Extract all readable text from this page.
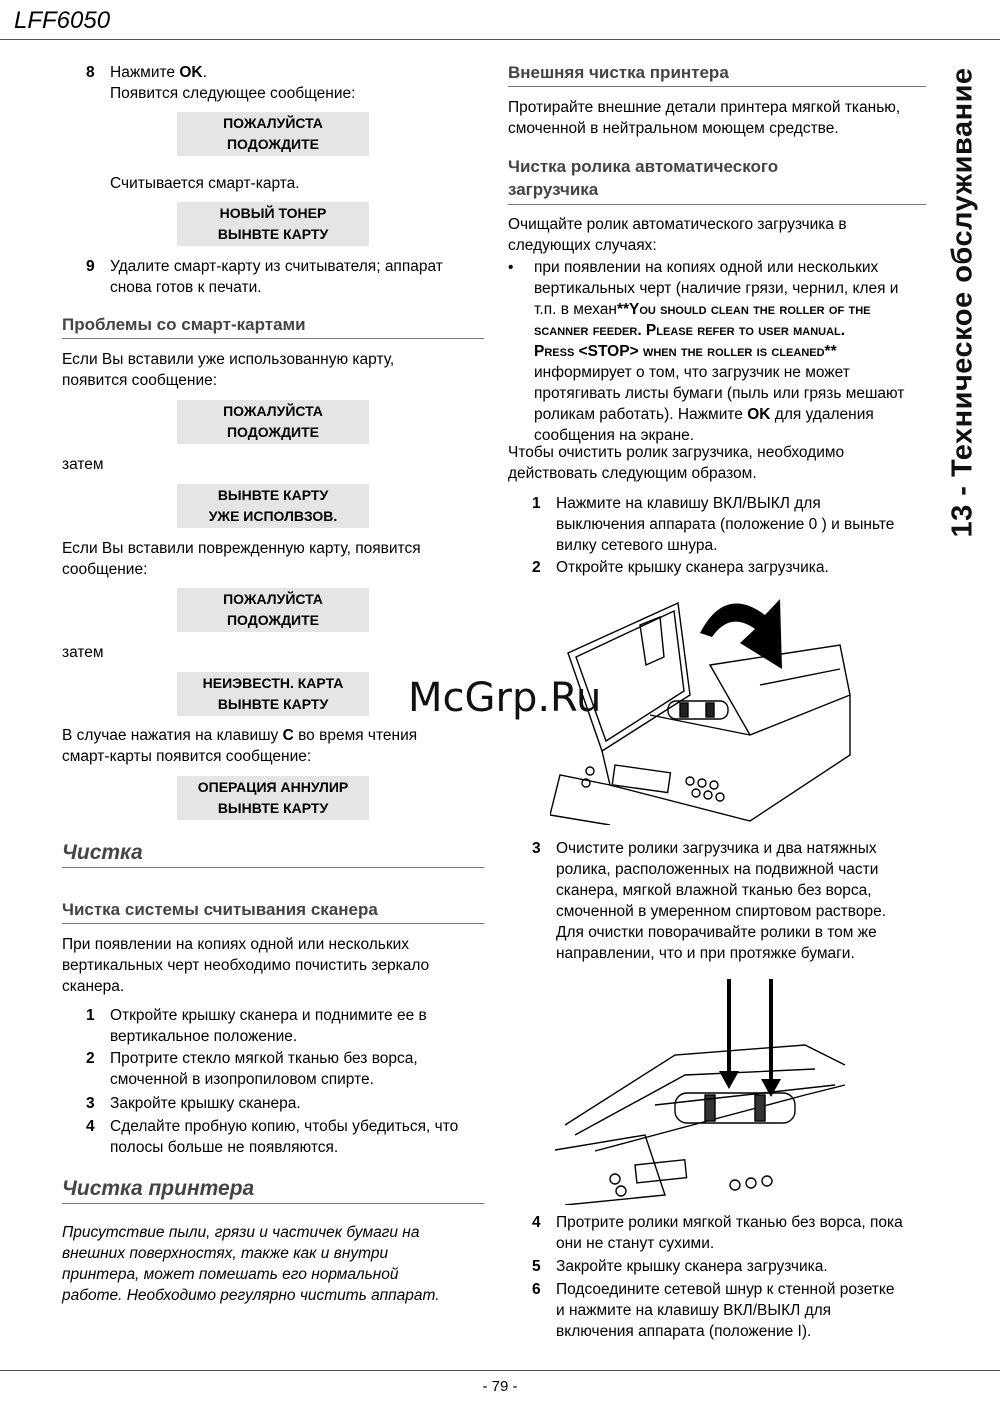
LFF6050
13 - Техническое обслуживание
8 Нажмите OK.
Появится следующее сообщение:
ПОЖАЛУЙСТА
ПОДОЖДИТЕ
Считывается смарт-карта.
НОВЫЙ ТОНЕР
ВЫНВТЕ КАРТУ
9 Удалите смарт-карту из считывателя; аппарат
снова готов к печати.
Проблемы со смарт-картами
Если Вы вставили уже использованную карту,
появится сообщение:
ПОЖАЛУЙСТА
ПОДОЖДИТЕ
затем
ВЫНВТЕ КАРТУ
УЖЕ ИСПОЛВЗОВ.
Если Вы вставили поврежденную карту, появится
сообщение:
ПОЖАЛУЙСТА
ПОДОЖДИТЕ
затем
НЕИЭВЕСТН. КАРТА
ВЫНВТЕ КАРТУ
В случае нажатия на клавишу C во время чтения
смарт-карты появится сообщение:
ОПЕРАЦИЯ АННУЛИР
ВЫНВТЕ КАРТУ
Чистка
Чистка системы считывания сканера
При появлении на копиях одной или нескольких
вертикальных черт необходимо почистить зеркало
сканера.
1 Откройте крышку сканера и поднимите ее в
вертикальное положение.
2 Протрите стекло мягкой тканью без ворса,
смоченной в изопропиловом спирте.
3 Закройте крышку сканера.
4 Сделайте пробную копию, чтобы убедиться, что
полосы больше не появляются.
Чистка принтера
Присутствие пыли, грязи и частичек бумаги на
внешних поверхностях, также как и внутри
принтера, может помешать его нормальной
работе. Необходимо регулярно чистить аппарат.
Внешняя чистка принтера
Протирайте внешние детали принтера мягкой тканью,
смоченной в нейтральном моющем средстве.
Чистка ролика автоматического
загрузчика
Очищайте ролик автоматического загрузчика в
следующих случаях:
•	при появлении на копиях одной или нескольких
вертикальных черт (наличие грязи, чернил, клея и
т.п. в механ**You should clean the roller of the
scanner feeder. Please refer to user manual.
Press <STOP> when the roller is cleaned**
информирует о том, что загрузчик не может
протягивать листы бумаги (пыль или грязь мешают
роликам работать). Нажмите OK для удаления
сообщения на экране.
Чтобы очистить ролик загрузчика, необходимо
действовать следующим образом.
1 Нажмите на клавишу ВКЛ/ВЫКЛ для
выключения аппарата (положение 0 ) и выньте
вилку сетевого шнура.
2 Откройте крышку сканера загрузчика.
McGrp.Ru
3 Очистите ролики загрузчика и два натяжных
ролика, расположенных на подвижной части
сканера, мягкой влажной тканью без ворса,
смоченной в умеренном спиртовом растворе.
Для очистки поворачивайте ролики в том же
направлении, что и при протяжке бумаги.
4 Протрите ролики мягкой тканью без ворса, пока
они не станут сухими.
5 Закройте крышку сканера загрузчика.
6 Подсоедините сетевой шнур к стенной розетке
и нажмите на клавишу ВКЛ/ВЫКЛ для
включения аппарата (положение I).
- 79 -
